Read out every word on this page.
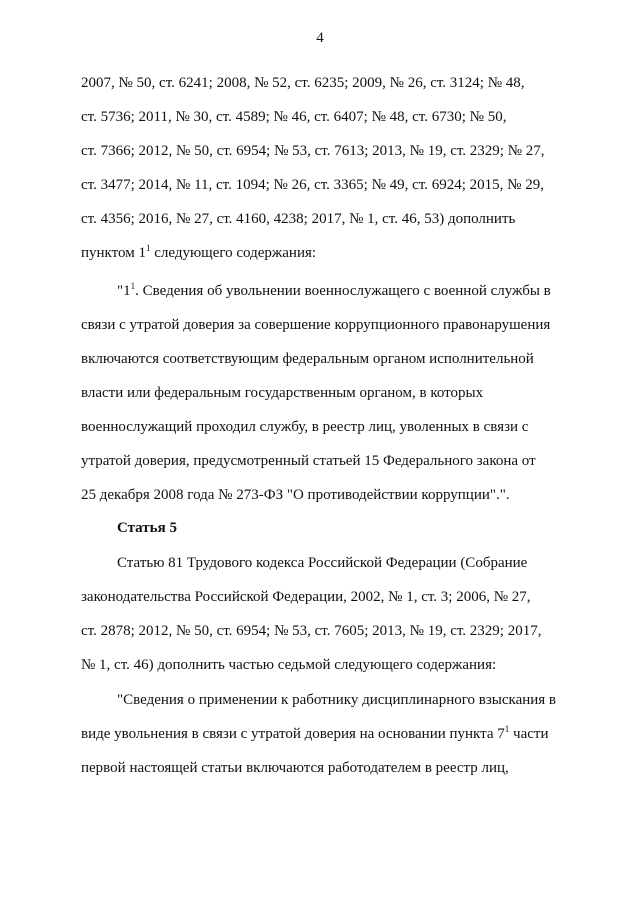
4
2007, № 50, ст. 6241; 2008, № 52, ст. 6235; 2009, № 26, ст. 3124; № 48,
ст. 5736; 2011, № 30, ст. 4589; № 46, ст. 6407; № 48, ст. 6730; № 50,
ст. 7366; 2012, № 50, ст. 6954; № 53, ст. 7613; 2013, № 19, ст. 2329; № 27,
ст. 3477; 2014, № 11, ст. 1094; № 26, ст. 3365; № 49, ст. 6924; 2015, № 29,
ст. 4356; 2016, № 27, ст. 4160, 4238; 2017, № 1, ст. 46, 53) дополнить
пунктом $1^1$ следующего содержания:
"$1^1$. Сведения об увольнении военнослужащего с военной службы в
связи с утратой доверия за совершение коррупционного правонарушения
включаются соответствующим федеральным органом исполнительной
власти или федеральным государственным органом, в которых
военнослужащий проходил службу, в реестр лиц, уволенных в связи с
утратой доверия, предусмотренный статьей 15 Федерального закона от
25 декабря 2008 года № 273-ФЗ "О противодействии коррупции".".
Статья 5
Статью 81 Трудового кодекса Российской Федерации (Собрание
законодательства Российской Федерации, 2002, № 1, ст. 3; 2006, № 27,
ст. 2878; 2012, № 50, ст. 6954; № 53, ст. 7605; 2013, № 19, ст. 2329; 2017,
№ 1, ст. 46) дополнить частью седьмой следующего содержания:
"Сведения о применении к работнику дисциплинарного взыскания в
виде увольнения в связи с утратой доверия на основании пункта $7^1$ части
первой настоящей статьи включаются работодателем в реестр лиц,
